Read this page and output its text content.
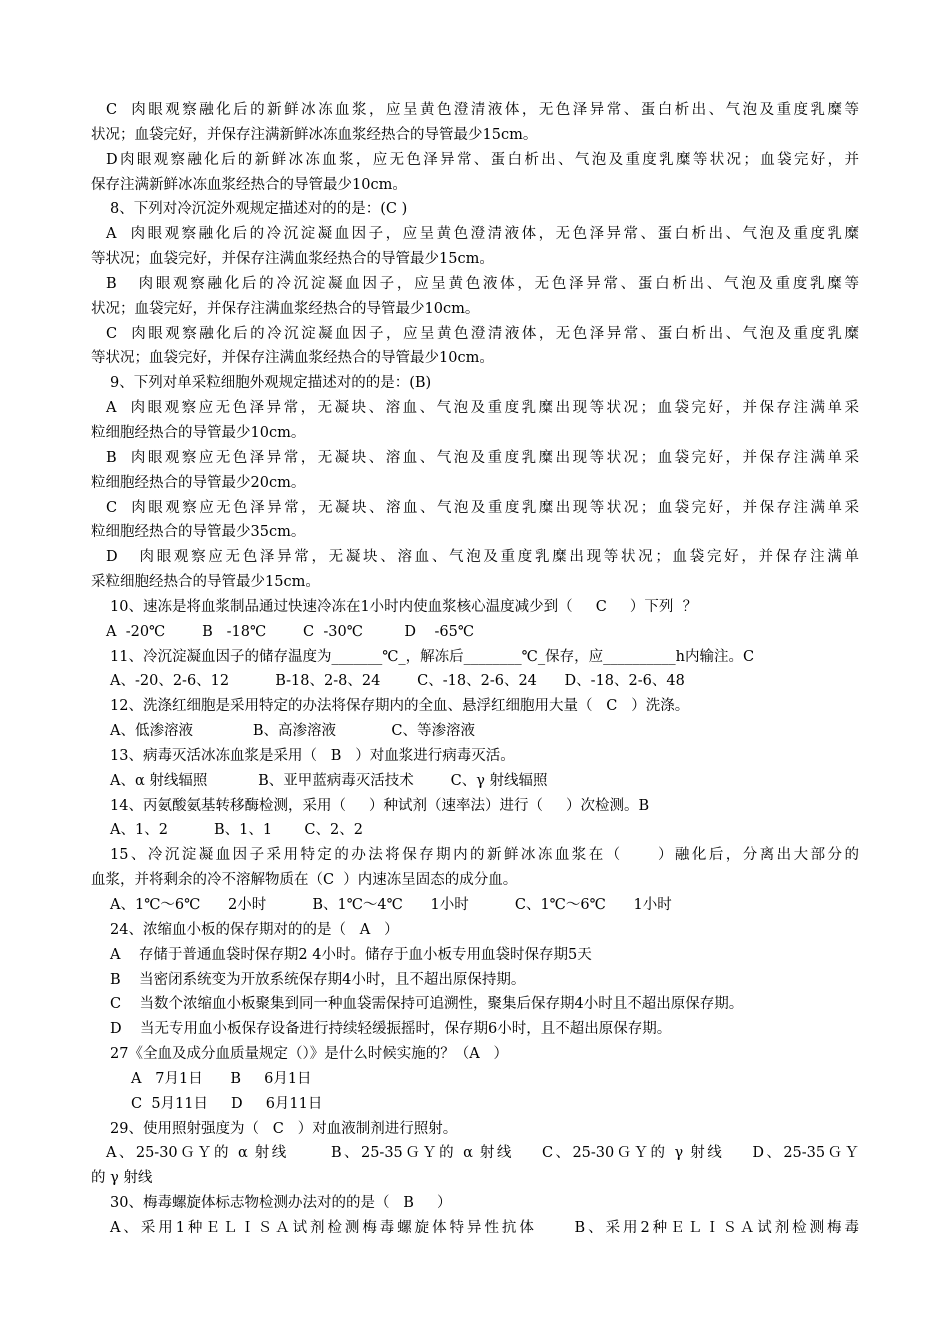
C  肉眼观察融化后的新鲜冰冻血浆，应呈黄色澄清液体，无色泽异常、蛋白析出、气泡及重度乳糜等
状况；血袋完好，并保存注满新鲜冰冻血浆经热合的导管最少15cm。
D肉眼观察融化后的新鲜冰冻血浆，应无色泽异常、蛋白析出、气泡及重度乳糜等状况；血袋完好，并
保存注满新鲜冰冻血浆经热合的导管最少10cm。
8、下列对冷沉淀外观规定描述对的的是：(C )
A  肉眼观察融化后的冷沉淀凝血因子，应呈黄色澄清液体，无色泽异常、蛋白析出、气泡及重度乳糜
等状况；血袋完好，并保存注满血浆经热合的导管最少15cm。
B   肉眼观察融化后的冷沉淀凝血因子，应呈黄色液体，无色泽异常、蛋白析出、气泡及重度乳糜等
状况；血袋完好，并保存注满血浆经热合的导管最少10cm。
C  肉眼观察融化后的冷沉淀凝血因子，应呈黄色澄清液体，无色泽异常、蛋白析出、气泡及重度乳糜
等状况；血袋完好，并保存注满血浆经热合的导管最少10cm。
9、下列对单采粒细胞外观规定描述对的的是：(B)
A  肉眼观察应无色泽异常，无凝块、溶血、气泡及重度乳糜出现等状况；血袋完好，并保存注满单采
粒细胞经热合的导管最少10cm。
B  肉眼观察应无色泽异常，无凝块、溶血、气泡及重度乳糜出现等状况；血袋完好，并保存注满单采
粒细胞经热合的导管最少20cm。
C  肉眼观察应无色泽异常，无凝块、溶血、气泡及重度乳糜出现等状况；血袋完好，并保存注满单采
粒细胞经热合的导管最少35cm。
D   肉眼观察应无色泽异常，无凝块、溶血、气泡及重度乳糜出现等状况；血袋完好，并保存注满单
采粒细胞经热合的导管最少15cm。
10、速冻是将血浆制品通过快速冷冻在1小时内使血浆核心温度减少到（     C     ）下列  ？
A  -20℃        B   -18℃        C  -30℃         D    -65℃
11、冷沉淀凝血因子的储存温度为_______℃_，解冻后________℃_保存，应__________h内输注。C
A、-20、2-6、12          B-18、2-8、24        C、-18、2-6、24      D、-18、2-6、48
12、洗涤红细胞是采用特定的办法将保存期内的全血、悬浮红细胞用大量（   C   ）洗涤。
A、低渗溶液             B、高渗溶液            C、等渗溶液
13、病毒灭活冰冻血浆是采用（   B   ）对血浆进行病毒灭活。
A、α 射线辐照           B、亚甲蓝病毒灭活技术        C、γ 射线辐照
14、丙氨酸氨基转移酶检测，采用（     ）种试剂（速率法）进行（     ）次检测。B
A、1、2          B、1、1       C、2、2
15、冷沉淀凝血因子采用特定的办法将保存期内的新鲜冰冻血浆在（     ）融化后，分离出大部分的
血浆，并将剩余的冷不溶解物质在（C  ）内速冻呈固态的成分血。
A、1℃～6℃      2小时          B、1℃～4℃      1小时          C、1℃～6℃      1小时
24、浓缩血小板的保存期对的的是（   A   ）
A    存储于普通血袋时保存期2 4小时。储存于血小板专用血袋时保存期5天
B    当密闭系统变为开放系统保存期4小时，且不超出原保持期。
C    当数个浓缩血小板聚集到同一种血袋需保持可追溯性，聚集后保存期4小时且不超出原保存期。
D    当无专用血小板保存设备进行持续轻缓振摇时，保存期6小时，且不超出原保存期。
27《全血及成分血质量规定（）》是什么时候实施的？（A   ）
A   7月1日      B     6月1日
C  5月11日     D     6月11日
29、使用照射强度为（   C   ）对血液制剂进行照射。
A、25-30ＧＹ的 α 射线      B、25-35ＧＹ的 α 射线    C、25-30ＧＹ的 γ 射线    D、25-35ＧＹ
的 γ 射线
30、梅毒螺旋体标志物检测办法对的的是（   B     ）
A、采用1种ＥＬＩＳＡ试剂检测梅毒螺旋体特异性抗体     B、采用2种ＥＬＩＳＡ试剂检测梅毒
